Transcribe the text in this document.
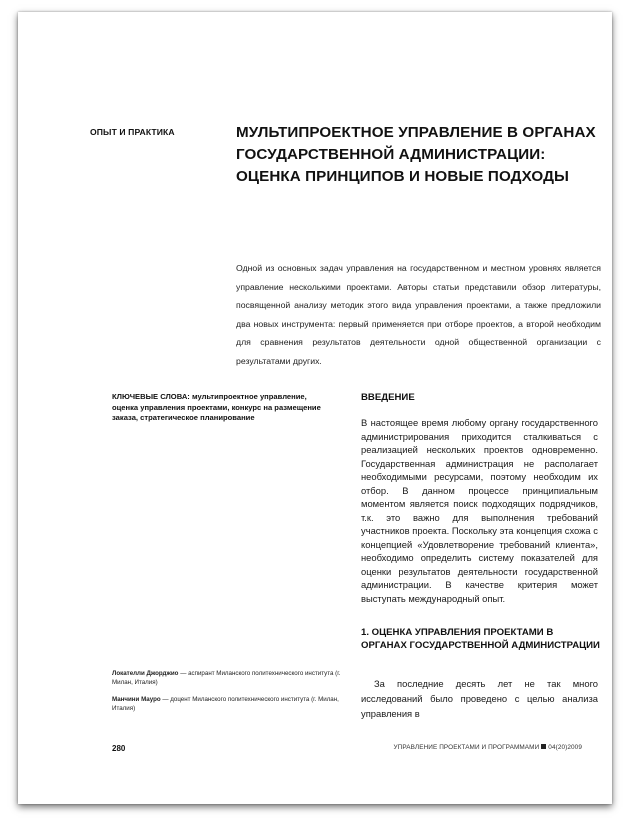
ОПЫТ И ПРАКТИКА	МУЛЬТИПРОЕКТНОЕ УПРАВЛЕНИЕ В ОРГАНАХ ГОСУДАРСТВЕННОЙ АДМИНИСТРАЦИИ: ОЦЕНКА ПРИНЦИПОВ И НОВЫЕ ПОДХОДЫ
Одной из основных задач управления на государственном и местном уровнях является управление несколькими проектами. Авторы статьи представили обзор литературы, посвященной анализу методик этого вида управления проектами, а также предложили два новых инструмента: первый применяется при отборе проектов, а второй необходим для сравнения результатов деятельности одной общественной организации с результатами других.
КЛЮЧЕВЫЕ СЛОВА: мультипроектное управление, оценка управления проектами, конкурс на размещение заказа, стратегическое планирование
ВВЕДЕНИЕ
В настоящее время любому органу государственного администрирования приходится сталкиваться с реализацией нескольких проектов одновременно. Государственная администрация не располагает необходимыми ресурсами, поэтому необходим их отбор. В данном процессе принципиальным моментом является поиск подходящих подрядчиков, т.к. это важно для выполнения требований участников проекта. Поскольку эта концепция схожа с концепцией «Удовлетворение требований клиента», необходимо определить систему показателей для оценки результатов деятельности государственной администрации. В качестве критерия может выступать международный опыт.
1. ОЦЕНКА УПРАВЛЕНИЯ ПРОЕКТАМИ В ОРГАНАХ ГОСУДАРСТВЕННОЙ АДМИНИСТРАЦИИ
За последние десять лет не так много исследований было проведено с целью анализа управления в
Локателли Джорджио — аспирант Миланского политехнического института (г. Милан, Италия)
Манчини Мауро — доцент Миланского политехнического института (г. Милан, Италия)
280	УПРАВЛЕНИЕ ПРОЕКТАМИ И ПРОГРАММАМИ 04(20)2009
